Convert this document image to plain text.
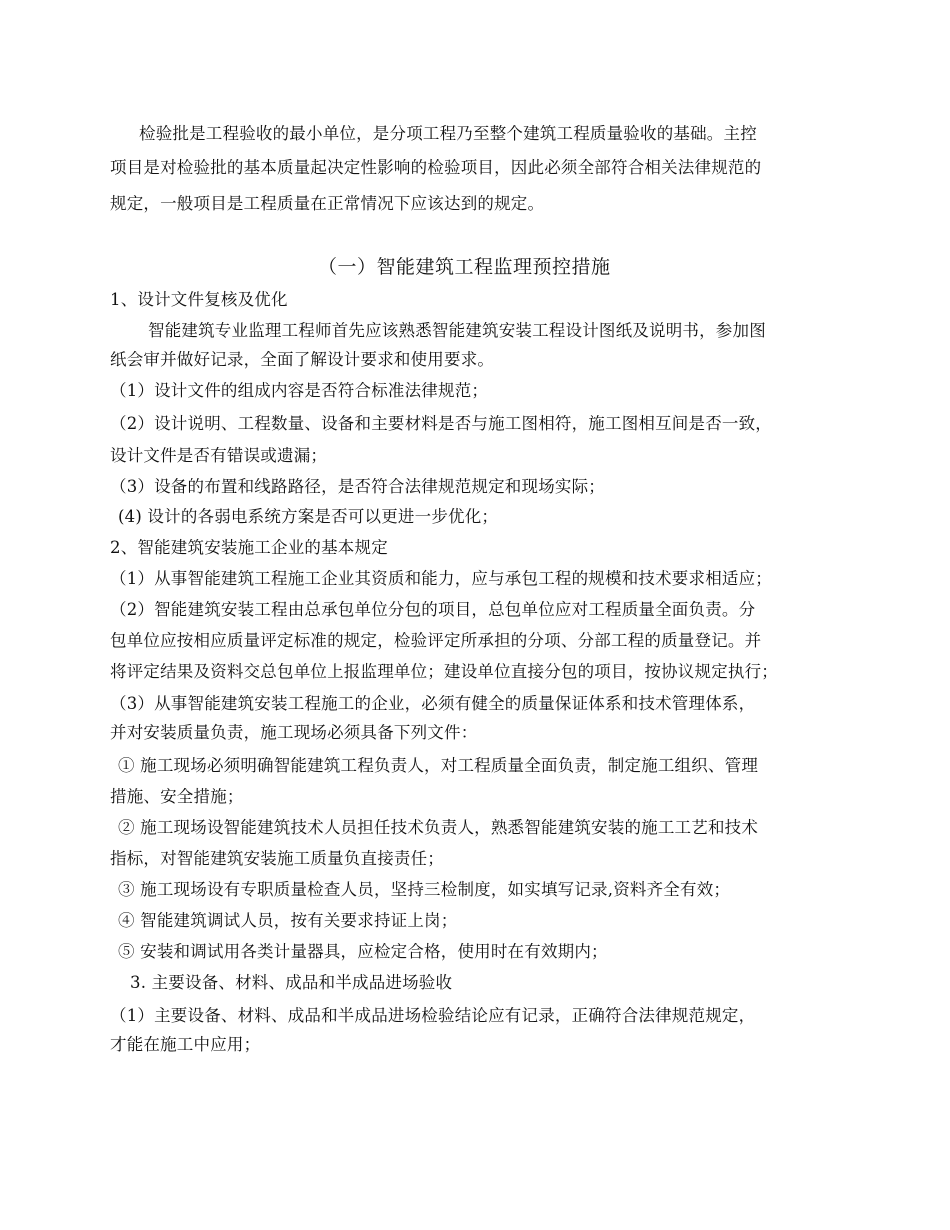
检验批是工程验收的最小单位，是分项工程乃至整个建筑工程质量验收的基础。主控
项目是对检验批的基本质量起决定性影响的检验项目，因此必须全部符合相关法律规范的
规定，一般项目是工程质量在正常情况下应该达到的规定。
（一）智能建筑工程监理预控措施
1、设计文件复核及优化
智能建筑专业监理工程师首先应该熟悉智能建筑安装工程设计图纸及说明书，参加图
纸会审并做好记录，全面了解设计要求和使用要求。
（1）设计文件的组成内容是否符合标准法律规范；
（2）设计说明、工程数量、设备和主要材料是否与施工图相符，施工图相互间是否一致，
设计文件是否有错误或遗漏；
（3）设备的布置和线路路径，是否符合法律规范规定和现场实际；
(4) 设计的各弱电系统方案是否可以更进一步优化；
2、智能建筑安装施工企业的基本规定
（1）从事智能建筑工程施工企业其资质和能力，应与承包工程的规模和技术要求相适应；
（2）智能建筑安装工程由总承包单位分包的项目，总包单位应对工程质量全面负责。分
包单位应按相应质量评定标准的规定，检验评定所承担的分项、分部工程的质量登记。并
将评定结果及资料交总包单位上报监理单位；建设单位直接分包的项目，按协议规定执行；
（3）从事智能建筑安装工程施工的企业，必须有健全的质量保证体系和技术管理体系，
并对安装质量负责，施工现场必须具备下列文件：
① 施工现场必须明确智能建筑工程负责人，对工程质量全面负责，制定施工组织、管理
措施、安全措施；
② 施工现场设智能建筑技术人员担任技术负责人，熟悉智能建筑安装的施工工艺和技术
指标，对智能建筑安装施工质量负直接责任；
③ 施工现场设有专职质量检查人员，坚持三检制度，如实填写记录,资料齐全有效；
④ 智能建筑调试人员，按有关要求持证上岗；
⑤ 安装和调试用各类计量器具，应检定合格，使用时在有效期内；
3. 主要设备、材料、成品和半成品进场验收
（1）主要设备、材料、成品和半成品进场检验结论应有记录，正确符合法律规范规定，
才能在施工中应用；
